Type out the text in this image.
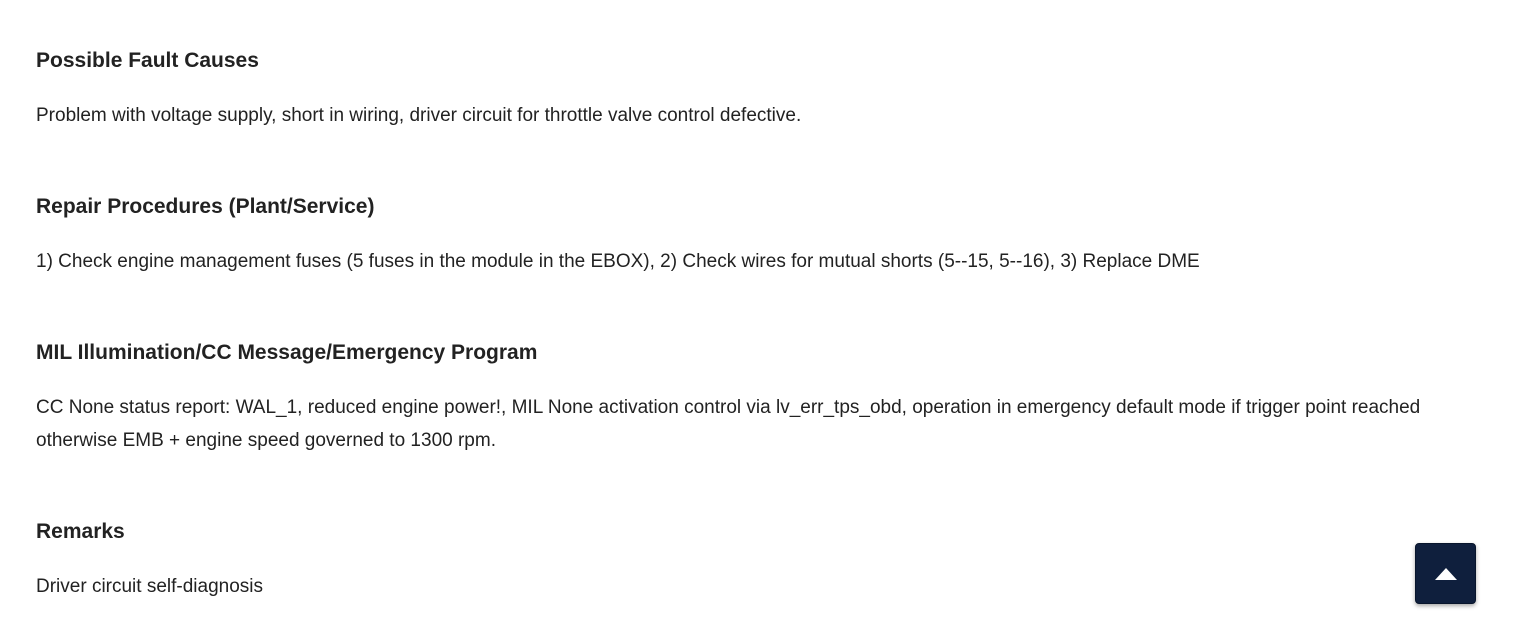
Possible Fault Causes

Problem with voltage supply, short in wiring, driver circuit for throttle valve control defective.

Repair Procedures (Plant/Service)

1) Check engine management fuses (5 fuses in the module in the EBOX), 2) Check wires for mutual shorts (5--15, 5--16), 3) Replace DME

MIL Illumination/CC Message/Emergency Program

CC None status report: WAL_1, reduced engine power!, MIL None activation control via lv_err_tps_obd, operation in emergency default mode if trigger point reached otherwise EMB + engine speed governed to 1300 rpm.

Remarks

Driver circuit self-diagnosis
